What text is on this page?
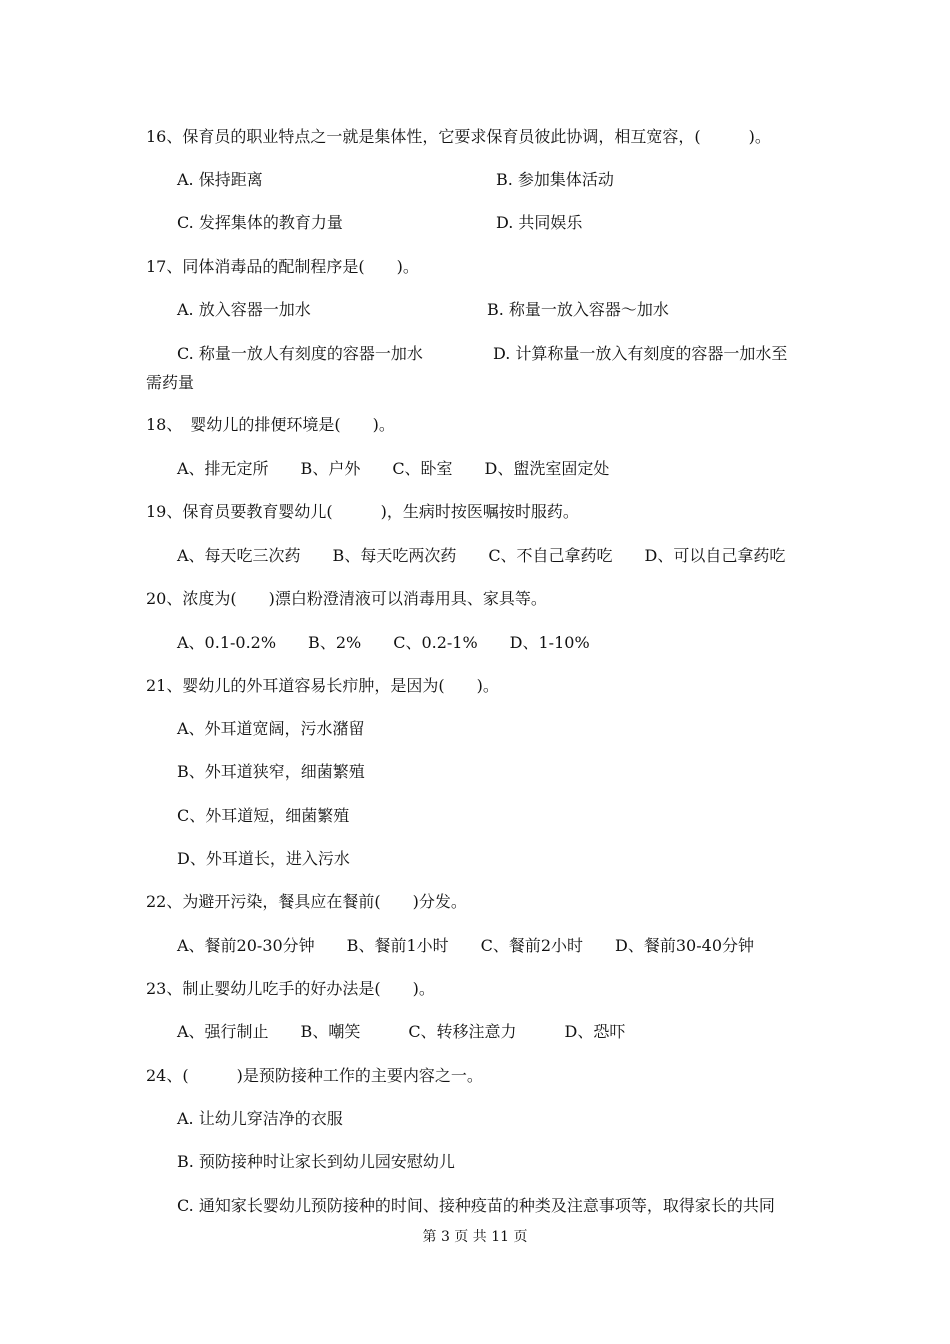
16、保育员的职业特点之一就是集体性，它要求保育员彼此协调，相互宽容，(　　　)。
A. 保持距离	B. 参加集体活动
C. 发挥集体的教育力量	D. 共同娱乐
17、同体消毒品的配制程序是(　　)。
A. 放入容器一加水	B. 称量一放入容器～加水
C. 称量一放人有刻度的容器一加水	D. 计算称量一放入有刻度的容器一加水至
需药量
18、　婴幼儿的排便环境是(　　)。
A、排无定所　　B、户外　　C、卧室　　D、盥洗室固定处
19、保育员要教育婴幼儿(　　　)，生病时按医嘱按时服药。
A、每天吃三次药　　B、每天吃两次药　　C、不自己拿药吃　　D、可以自己拿药吃
20、浓度为(　　)漂白粉澄清液可以消毒用具、家具等。
A、0.1-0.2%　　B、2%　　C、0.2-1%　　D、1-10%
21、婴幼儿的外耳道容易长疖肿，是因为(　　)。
A、外耳道宽阔，污水潴留
B、外耳道狭窄，细菌繁殖
C、外耳道短，细菌繁殖
D、外耳道长，进入污水
22、为避开污染，餐具应在餐前(　　)分发。
A、餐前20-30分钟　　B、餐前1小时　　C、餐前2小时　　D、餐前30-40分钟
23、制止婴幼儿吃手的好办法是(　　)。
A、强行制止　　B、嘲笑　　　C、转移注意力　　　D、恐吓
24、(　　　)是预防接种工作的主要内容之一。
A. 让幼儿穿洁净的衣服
B. 预防接种时让家长到幼儿园安慰幼儿
C. 通知家长婴幼儿预防接种的时间、接种疫苗的种类及注意事项等，取得家长的共同
第 3 页 共 11 页
